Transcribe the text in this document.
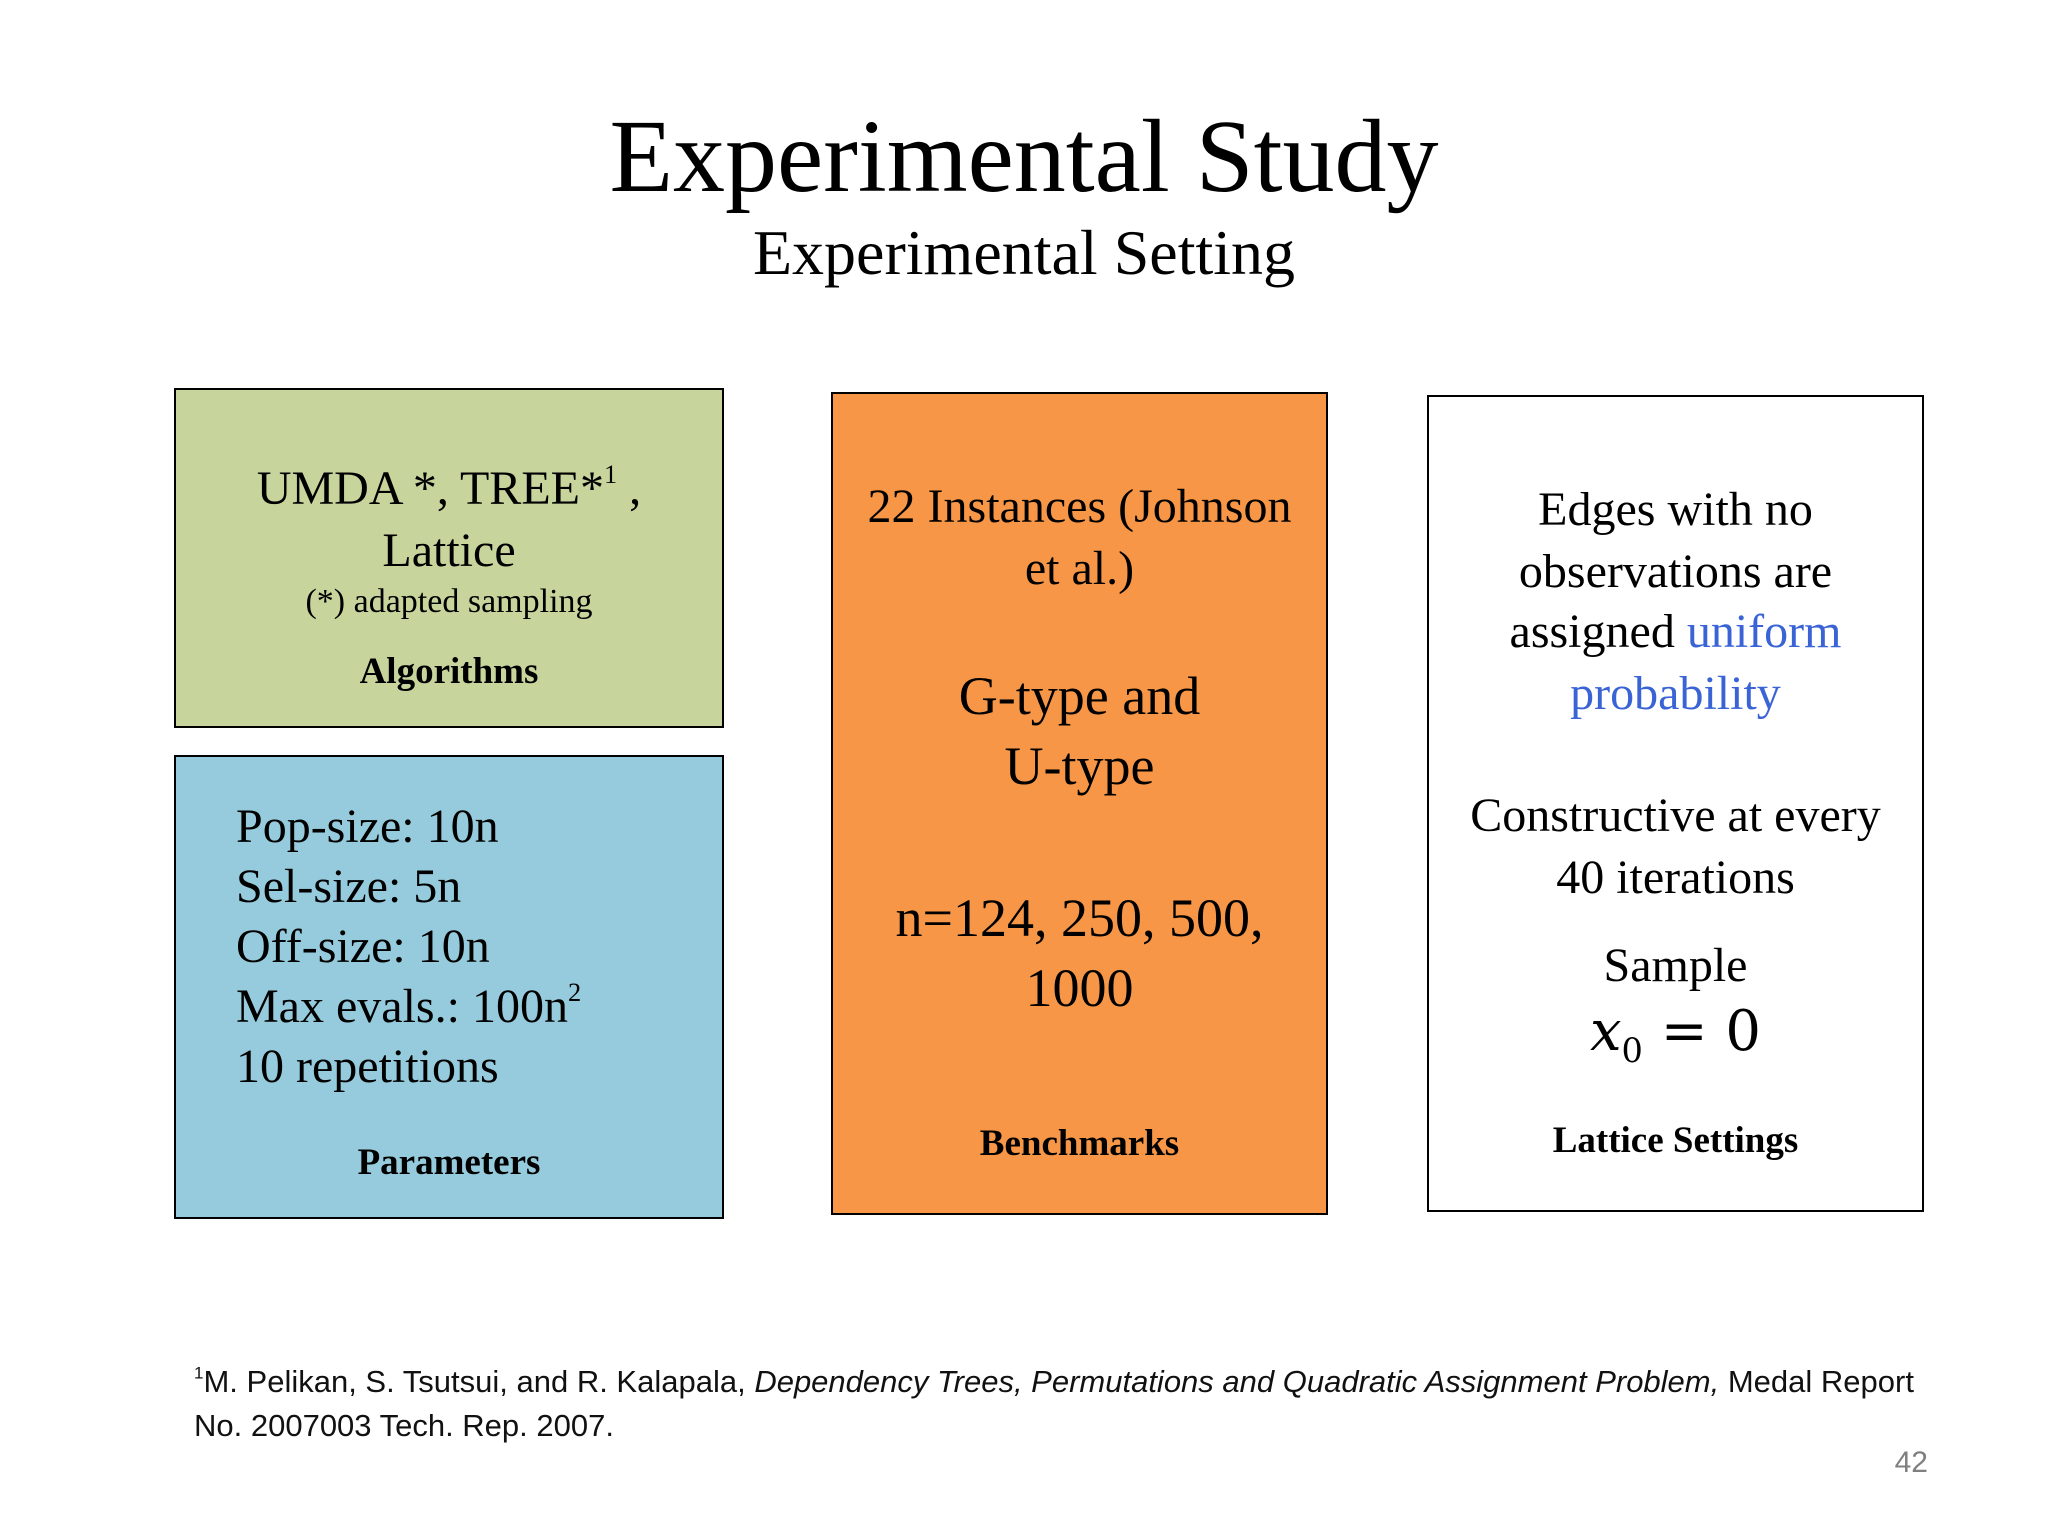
Experimental Study
Experimental Setting
UMDA *, TREE*$^1$ ,
Lattice
(*) adapted sampling
Algorithms
Pop-size: 10n
Sel-size: 5n
Off-size: 10n
Max evals.: $100n^2$
10 repetitions
Parameters
22 Instances (Johnson
et al.)
G-type and
U-type
n=124, 250, 500,
1000
Benchmarks
Edges with no
observations are
assigned uniform
probability
Constructive at every
40 iterations
Sample
$x_0 = 0$
Lattice Settings
$^1$M. Pelikan, S. Tsutsui, and R. Kalapala, Dependency Trees, Permutations and Quadratic Assignment Problem, Medal Report No. 2007003 Tech. Rep. 2007.
42
